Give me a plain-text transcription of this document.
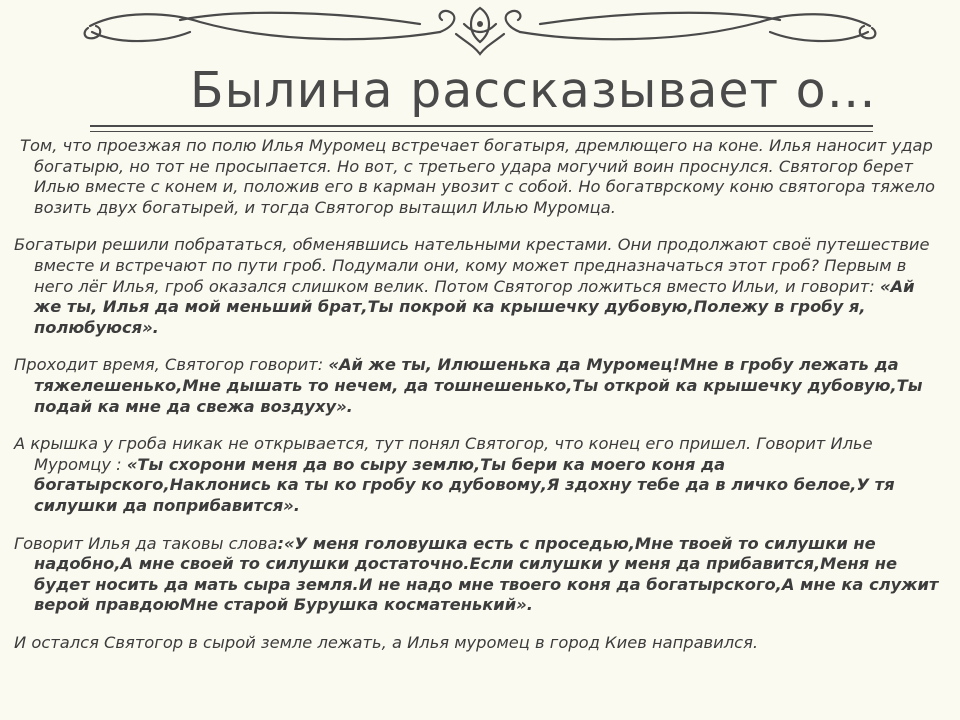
Былина рассказывает о…

Том, что проезжая по полю Илья Муромец встречает богатыря, дремлющего на коне. Илья наносит удар богатырю, но тот не просыпается. Но вот, с третьего удара могучий воин проснулся. Святогор берет Илью вместе с конем и, положив его в карман увозит с собой. Но богатврскому коню святогора тяжело возить двух богатырей, и тогда Святогор вытащил Илью Муромца.

Богатыри решили побрататься, обменявшись нательными крестами. Они продолжают своё путешествие вместе и встречают по пути гроб. Подумали они, кому может предназначаться этот гроб? Первым в него лёг Илья, гроб оказался слишком велик. Потом Святогор ложиться вместо Ильи, и говорит: «Ай же ты, Илья да мой меньший брат,Ты покрой ка крышечку дубовую,Полежу в гробу я, полюбуюся».

Проходит время, Святогор говорит: «Ай же ты, Илюшенька да Муромец!Мне в гробу лежать да тяжелешенько,Мне дышать то нечем, да тошнешенько,Ты открой ка крышечку дубовую,Ты подай ка мне да свежа воздуху».

А крышка у гроба никак не открывается, тут понял Святогор, что конец его пришел. Говорит Илье Муромцу : «Ты схорони меня да во сыру землю,Ты бери ка моего коня да богатырского,Наклонись ка ты ко гробу ко дубовому,Я здохну тебе да в личко белое,У тя силушки да поприбавится».

Говорит Илья да таковы слова:«У меня головушка есть с проседью,Мне твоей то силушки не надобно,А мне своей то силушки достаточно.Если силушки у меня да прибавится,Меня не будет носить да мать сыра земля.И не надо мне твоего коня да богатырского,А мне ка служит верой правдоюМне старой Бурушка косматенький».

И остался Святогор в сырой земле лежать, а Илья муромец в город Киев направился.
